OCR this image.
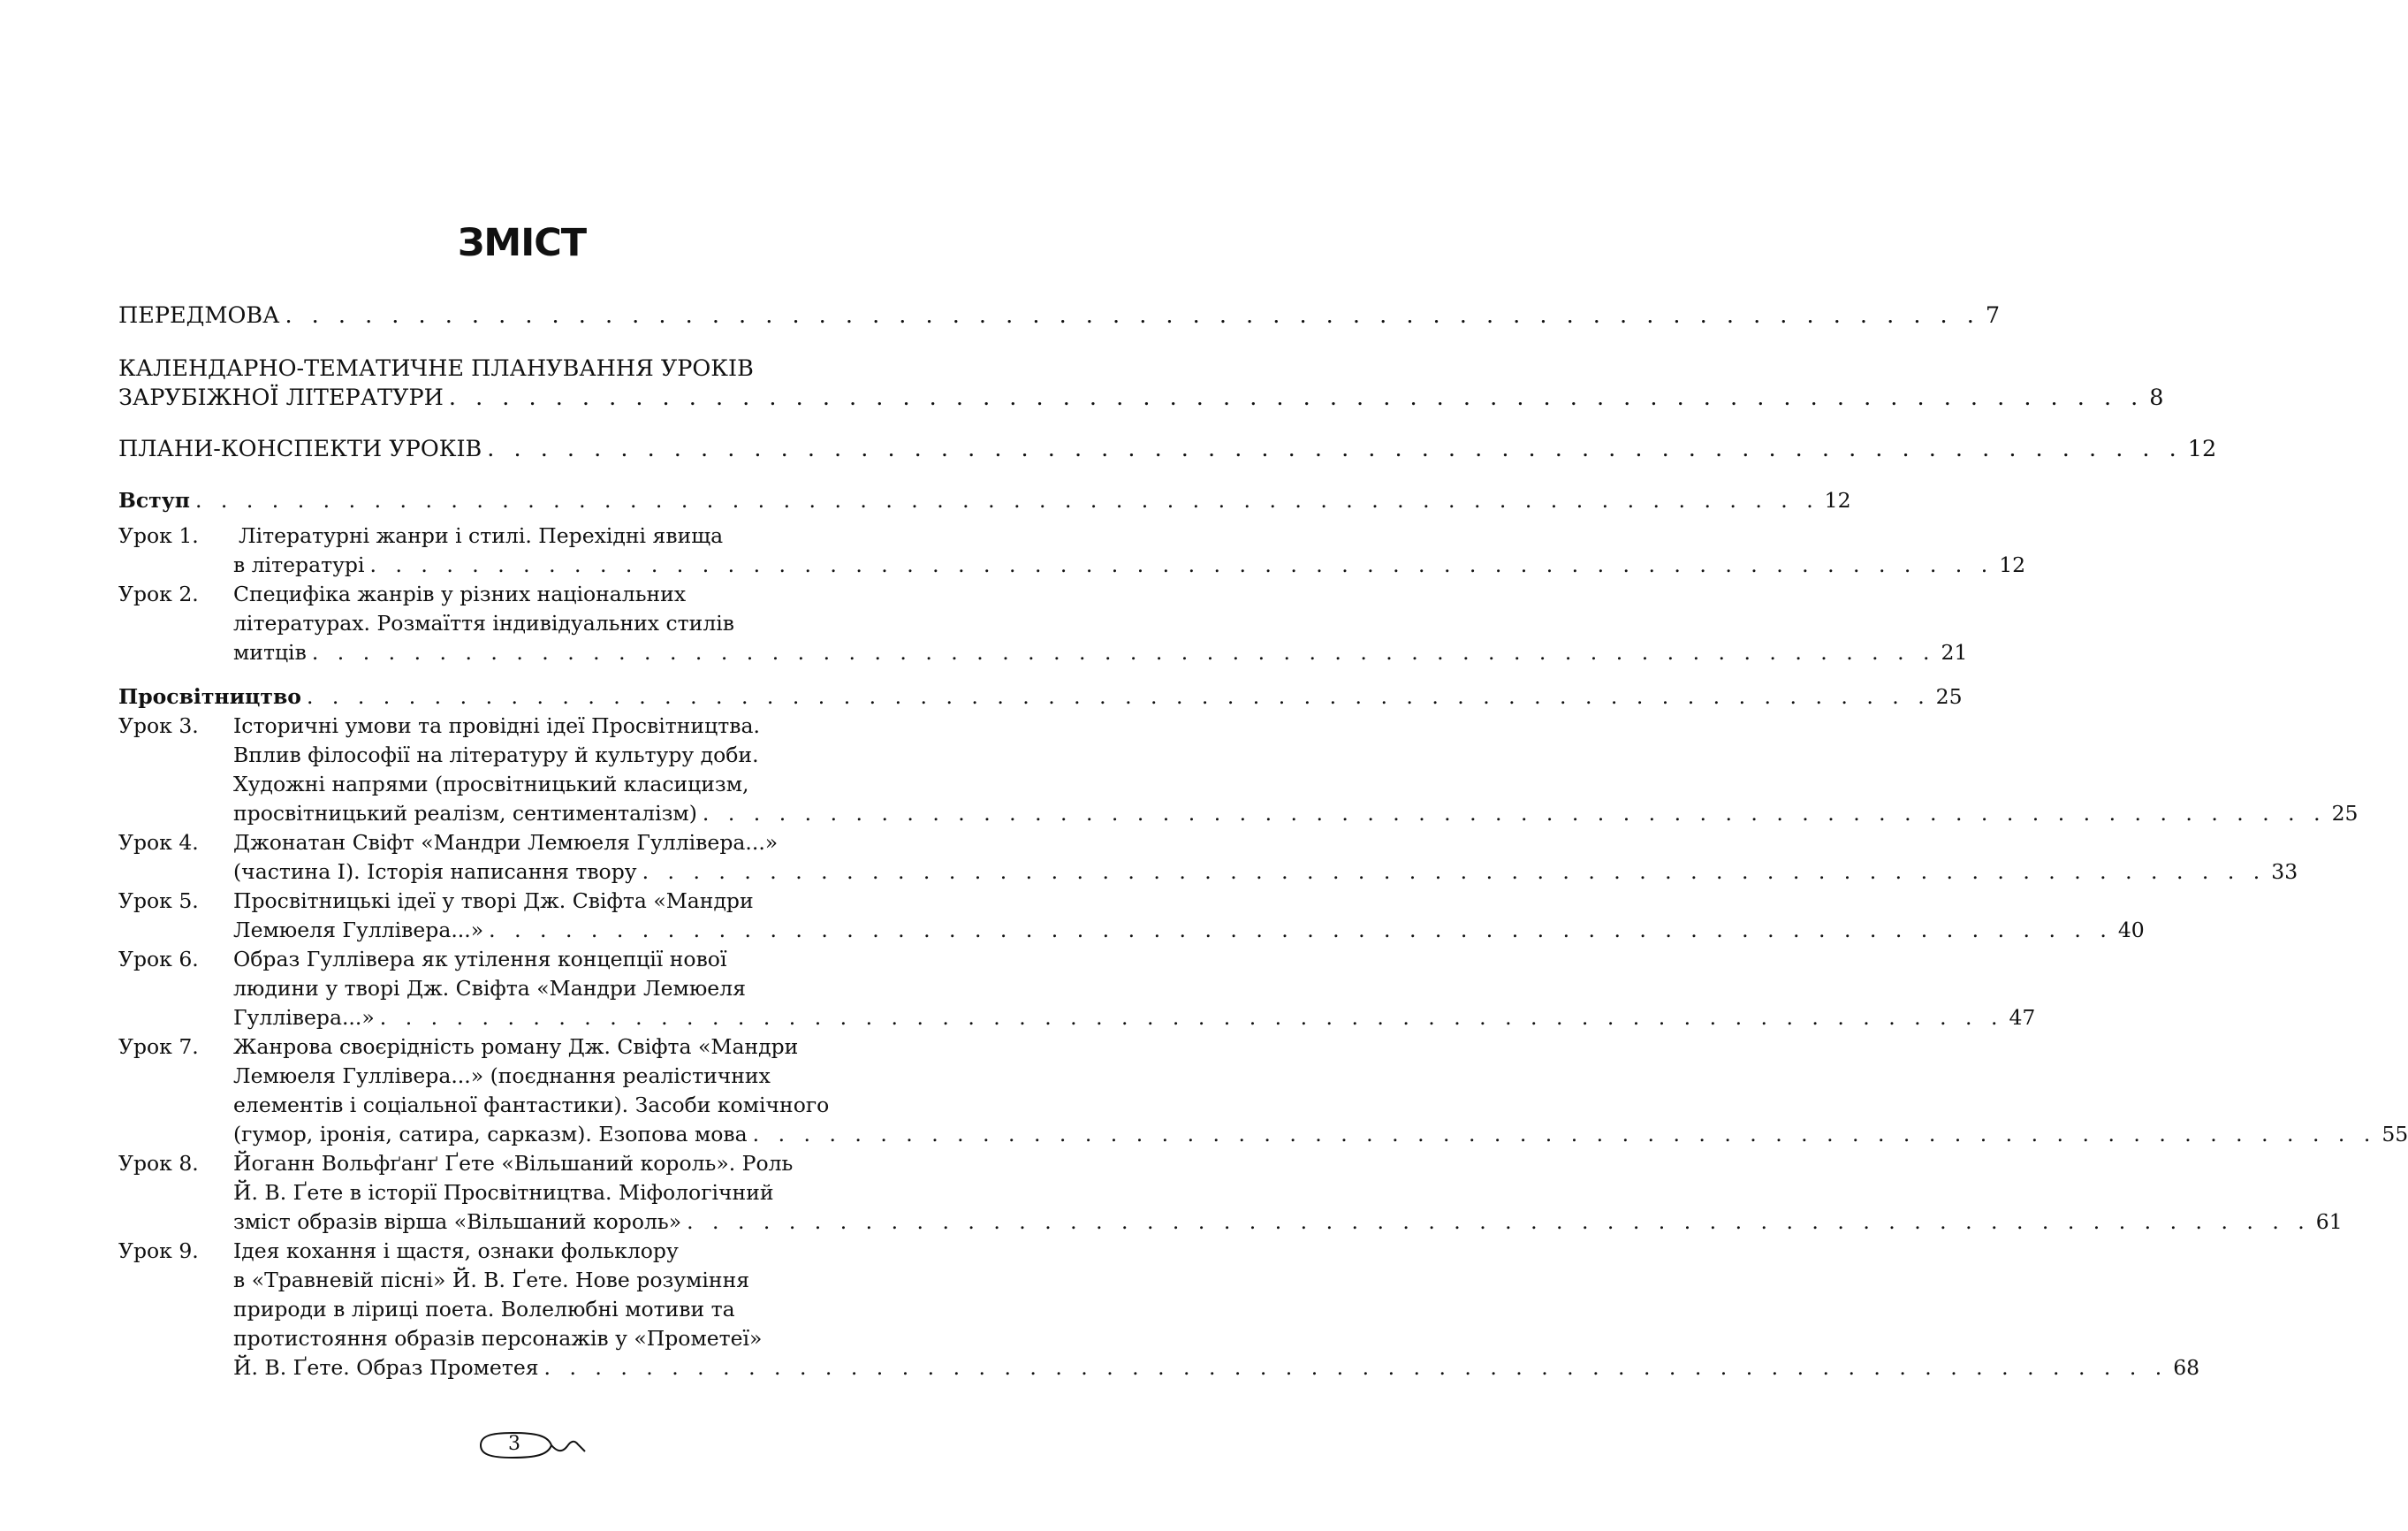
ЗМІСТ
ПЕРЕДМОВА . . . . . . . . . . . . . . . . . . . . . . . . . . . . . . . . . . . . . . . . . . . . . . . . . . . . . . . . . . . . . . . . 7
КАЛЕНДАРНО-ТЕМАТИЧНЕ ПЛАНУВАННЯ УРОКІВ
ЗАРУБІЖНОЇ ЛІТЕРАТУРИ . . . . . . . . . . . . . . . . . . . . . . . . . . . . . . . . . . . . . . . . . . . . . . . . . . . . . . . . . . . . . . . . 8
ПЛАНИ-КОНСПЕКТИ УРОКІВ . . . . . . . . . . . . . . . . . . . . . . . . . . . . . . . . . . . . . . . . . . . . . . . . . . . . . . . . . . . . . . . . 12
Вступ . . . . . . . . . . . . . . . . . . . . . . . . . . . . . . . . . . . . . . . . . . . . . . . . . . . . . . . . . . . . . . . . 12
Урок 1. Літературні жанри і стилі. Перехідні явища
в літературі . . . . . . . . . . . . . . . . . . . . . . . . . . . . . . . . . . . . . . . . . . . . . . . . . . . . . . . . . . . . . . . . 12
Урок 2. Специфіка жанрів у різних національних
літературах. Розмаїття індивідуальних стилів
митців . . . . . . . . . . . . . . . . . . . . . . . . . . . . . . . . . . . . . . . . . . . . . . . . . . . . . . . . . . . . . . . . 21
Просвітництво . . . . . . . . . . . . . . . . . . . . . . . . . . . . . . . . . . . . . . . . . . . . . . . . . . . . . . . . . . . . . . . . 25
Урок 3. Історичні умови та провідні ідеї Просвітництва.
Вплив філософії на літературу й культуру доби.
Художні напрями (просвітницький класицизм,
просвітницький реалізм, сентименталізм) . . . . . . . . . . . . . . . . . . . . . . . . . . . . . . . . . . . . . . . . . . . . . . . . . . . . . . . . . . . . . . . . 25
Урок 4. Джонатан Свіфт «Мандри Лемюеля Гуллівера...»
(частина I). Історія написання твору . . . . . . . . . . . . . . . . . . . . . . . . . . . . . . . . . . . . . . . . . . . . . . . . . . . . . . . . . . . . . . . . 33
Урок 5. Просвітницькі ідеї у творі Дж. Свіфта «Мандри
Лемюеля Гуллівера...» . . . . . . . . . . . . . . . . . . . . . . . . . . . . . . . . . . . . . . . . . . . . . . . . . . . . . . . . . . . . . . . . 40
Урок 6. Образ Гуллівера як утілення концепції нової
людини у творі Дж. Свіфта «Мандри Лемюеля
Гуллівера...» . . . . . . . . . . . . . . . . . . . . . . . . . . . . . . . . . . . . . . . . . . . . . . . . . . . . . . . . . . . . . . . . 47
Урок 7. Жанрова своєрідність роману Дж. Свіфта «Мандри
Лемюеля Гуллівера...» (поєднання реалістичних
елементів і соціальної фантастики). Засоби комічного
(гумор, іронія, сатира, сарказм). Езопова мова . . . . . . . . . . . . . . . . . . . . . . . . . . . . . . . . . . . . . . . . . . . . . . . . . . . . . . . . . . . . . . . . 55
Урок 8. Йоганн Вольфґанґ Ґете «Вільшаний король». Роль
Й. В. Ґете в історії Просвітництва. Міфологічний
зміст образів вірша «Вільшаний король» . . . . . . . . . . . . . . . . . . . . . . . . . . . . . . . . . . . . . . . . . . . . . . . . . . . . . . . . . . . . . . . . 61
Урок 9. Ідея кохання і щастя, ознаки фольклору
в «Травневій пісні» Й. В. Ґете. Нове розуміння
природи в ліриці поета. Волелюбні мотиви та
протистояння образів персонажів у «Прометеї»
Й. В. Ґете. Образ Прометея . . . . . . . . . . . . . . . . . . . . . . . . . . . . . . . . . . . . . . . . . . . . . . . . . . . . . . . . . . . . . . . . 68
3
